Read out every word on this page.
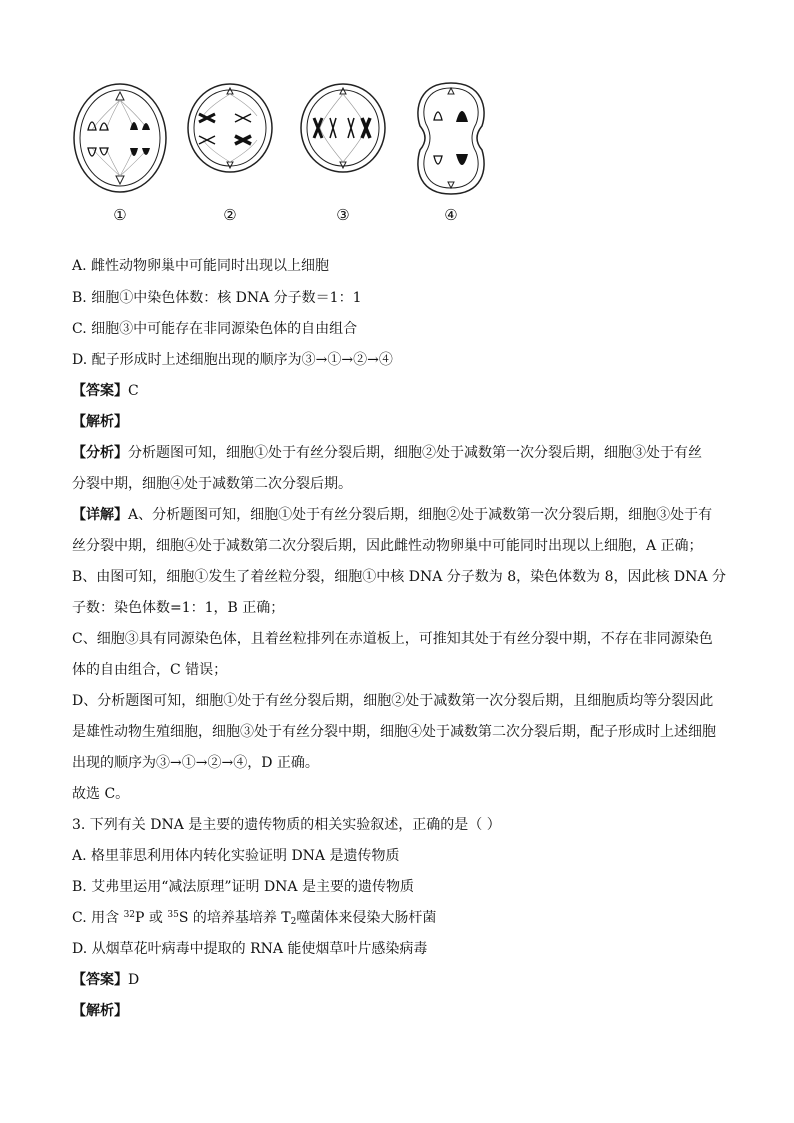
①	②	③	④
A. 雌性动物卵巢中可能同时出现以上细胞
B. 细胞①中染色体数：核 DNA 分子数＝1：1
C. 细胞③中可能存在非同源染色体的自由组合
D. 配子形成时上述细胞出现的顺序为③→①→②→④
【答案】C
【解析】
【分析】分析题图可知，细胞①处于有丝分裂后期，细胞②处于减数第一次分裂后期，细胞③处于有丝
分裂中期，细胞④处于减数第二次分裂后期。
【详解】A、分析题图可知，细胞①处于有丝分裂后期，细胞②处于减数第一次分裂后期，细胞③处于有
丝分裂中期，细胞④处于减数第二次分裂后期，因此雌性动物卵巢中可能同时出现以上细胞，A 正确；
B、由图可知，细胞①发生了着丝粒分裂，细胞①中核 DNA 分子数为 8，染色体数为 8，因此核 DNA 分
子数：染色体数=1：1，B 正确；
C、细胞③具有同源染色体，且着丝粒排列在赤道板上，可推知其处于有丝分裂中期，不存在非同源染色
体的自由组合，C 错误；
D、分析题图可知，细胞①处于有丝分裂后期，细胞②处于减数第一次分裂后期，且细胞质均等分裂因此
是雄性动物生殖细胞，细胞③处于有丝分裂中期，细胞④处于减数第二次分裂后期，配子形成时上述细胞
出现的顺序为③→①→②→④，D 正确。
故选 C。
3. 下列有关 DNA 是主要的遗传物质的相关实验叙述，正确的是（ ）
A. 格里菲思利用体内转化实验证明 DNA 是遗传物质
B. 艾弗里运用“减法原理”证明 DNA 是主要的遗传物质
C. 用含 $^{32}$P 或 $^{35}$S 的培养基培养 $T_2$噬菌体来侵染大肠杆菌
D. 从烟草花叶病毒中提取的 RNA 能使烟草叶片感染病毒
【答案】D
【解析】
